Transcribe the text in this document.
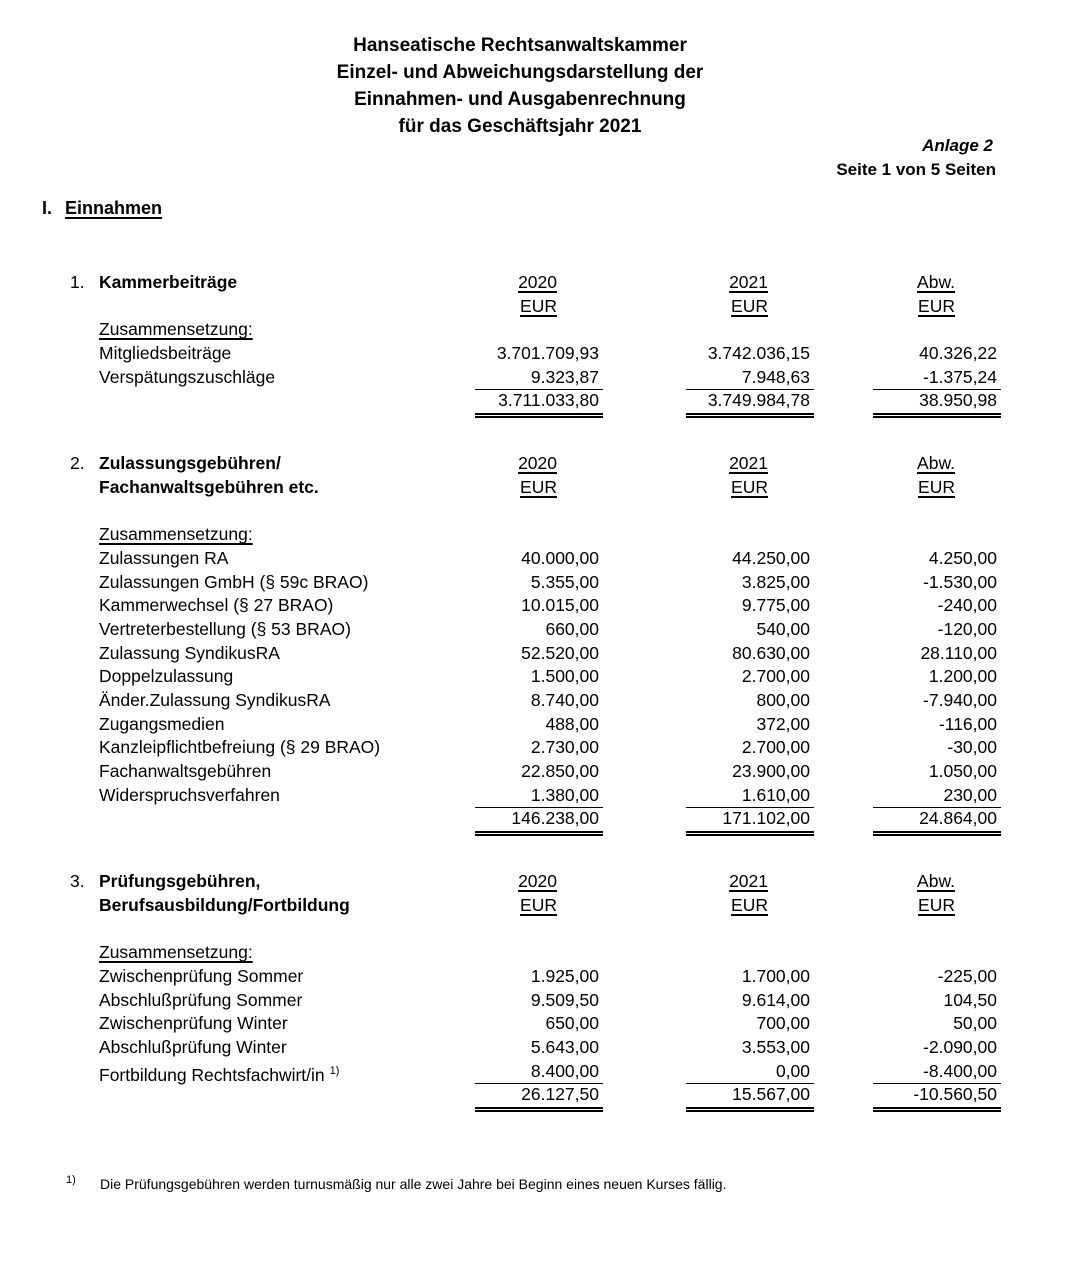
Hanseatische Rechtsanwaltskammer
Einzel- und Abweichungsdarstellung der
Einnahmen- und Ausgabenrechnung
für das Geschäftsjahr 2021
Anlage 2
Seite 1 von 5 Seiten
I. Einnahmen
1. Kammerbeiträge	2020	2021	Abw.
EUR	EUR	EUR
Zusammensetzung:
Mitgliedsbeiträge	3.701.709,93	3.742.036,15	40.326,22
Verspätungszuschläge	9.323,87	7.948,63	-1.375,24
3.711.033,80	3.749.984,78	38.950,98
2. Zulassungsgebühren/	2020	2021	Abw.
Fachanwaltsgebühren etc.	EUR	EUR	EUR
Zusammensetzung:
Zulassungen RA	40.000,00	44.250,00	4.250,00
Zulassungen GmbH (§ 59c BRAO)	5.355,00	3.825,00	-1.530,00
Kammerwechsel (§ 27 BRAO)	10.015,00	9.775,00	-240,00
Vertreterbestellung (§ 53 BRAO)	660,00	540,00	-120,00
Zulassung SyndikusRA	52.520,00	80.630,00	28.110,00
Doppelzulassung	1.500,00	2.700,00	1.200,00
Änder.Zulassung SyndikusRA	8.740,00	800,00	-7.940,00
Zugangsmedien	488,00	372,00	-116,00
Kanzleipflichtbefreiung (§ 29 BRAO)	2.730,00	2.700,00	-30,00
Fachanwaltsgebühren	22.850,00	23.900,00	1.050,00
Widerspruchsverfahren	1.380,00	1.610,00	230,00
146.238,00	171.102,00	24.864,00
3. Prüfungsgebühren,	2020	2021	Abw.
Berufsausbildung/Fortbildung	EUR	EUR	EUR
Zusammensetzung:
Zwischenprüfung Sommer	1.925,00	1.700,00	-225,00
Abschlußprüfung Sommer	9.509,50	9.614,00	104,50
Zwischenprüfung Winter	650,00	700,00	50,00
Abschlußprüfung Winter	5.643,00	3.553,00	-2.090,00
Fortbildung Rechtsfachwirt/in $^{1)}$	8.400,00	0,00	-8.400,00
26.127,50	15.567,00	-10.560,50
1) Die Prüfungsgebühren werden turnusmäßig nur alle zwei Jahre bei Beginn eines neuen Kurses fällig.
